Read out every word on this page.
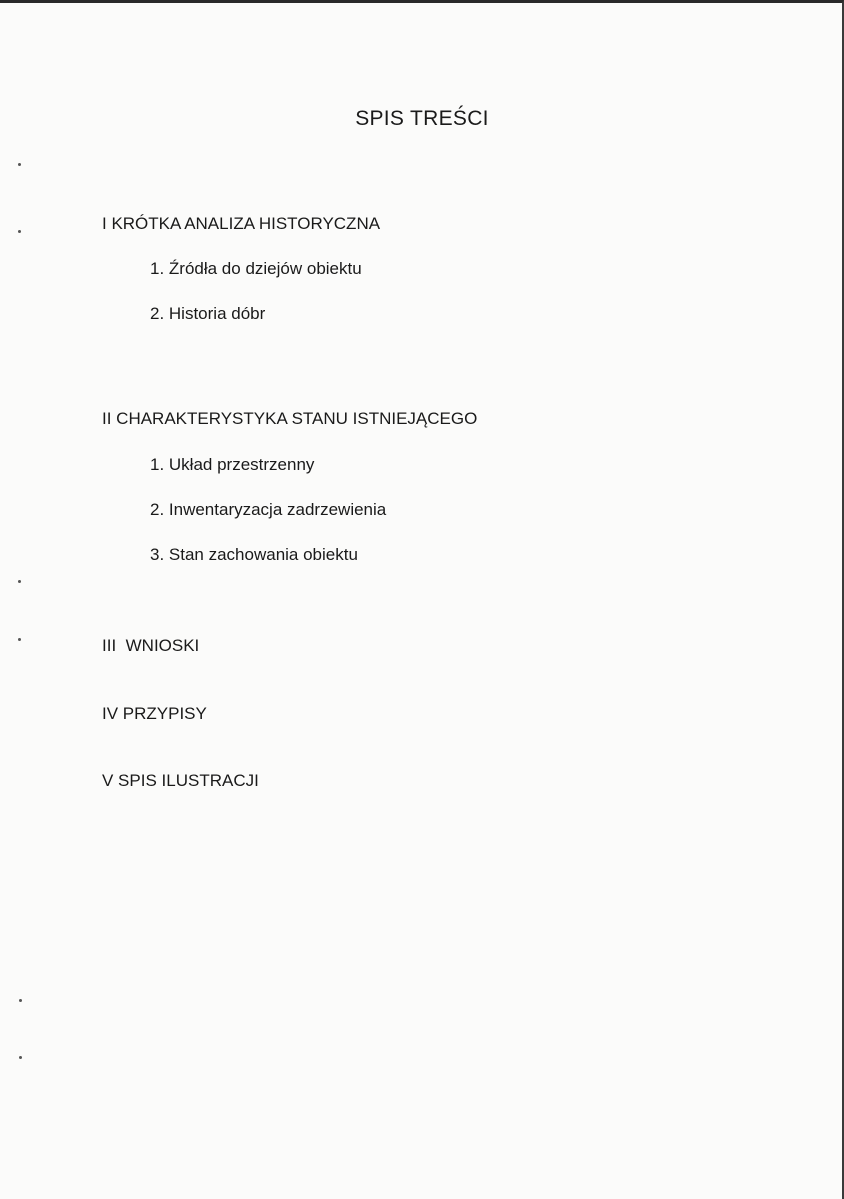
SPIS TREŚCI

I KRÓTKA ANALIZA HISTORYCZNA

1. Źródła do dziejów obiektu

2. Historia dóbr

II CHARAKTERYSTYKA STANU ISTNIEJĄCEGO

1. Układ przestrzenny

2. Inwentaryzacja zadrzewienia

3. Stan zachowania obiektu

III  WNIOSKI

IV PRZYPISY

V SPIS ILUSTRACJI
